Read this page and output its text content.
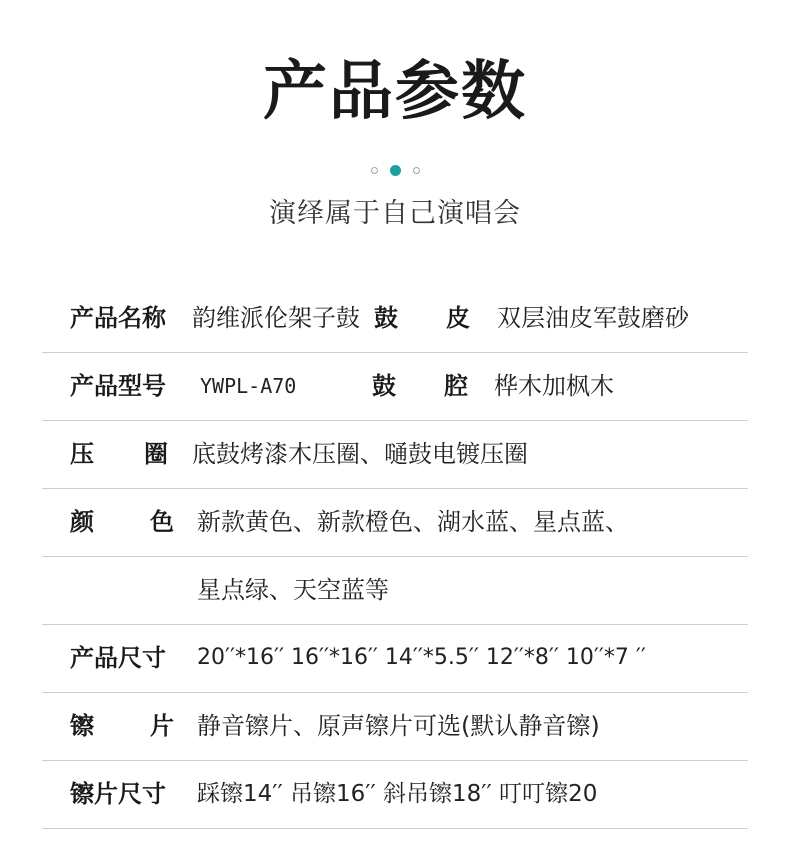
产品参数
演绎属于自己演唱会
产品名称 韵维派伦架子鼓 鼓 皮 双层油皮军鼓磨砂
产品型号 YWPL-A70	鼓 腔 桦木加枫木
压 圈 底鼓烤漆木压圈、嗵鼓电镀压圈
颜 色 新款黄色、新款橙色、湖水蓝、星点蓝、
星点绿、天空蓝等
产品尺寸 20′′*16′′ 16′′*16′′ 14′′*5.5′′ 12′′*8′′ 10′′*7 ′′
镲 片 静音镲片、原声镲片可选(默认静音镲)
镲片尺寸 踩镲14′′ 吊镲16′′ 斜吊镲18′′ 叮叮镲20
